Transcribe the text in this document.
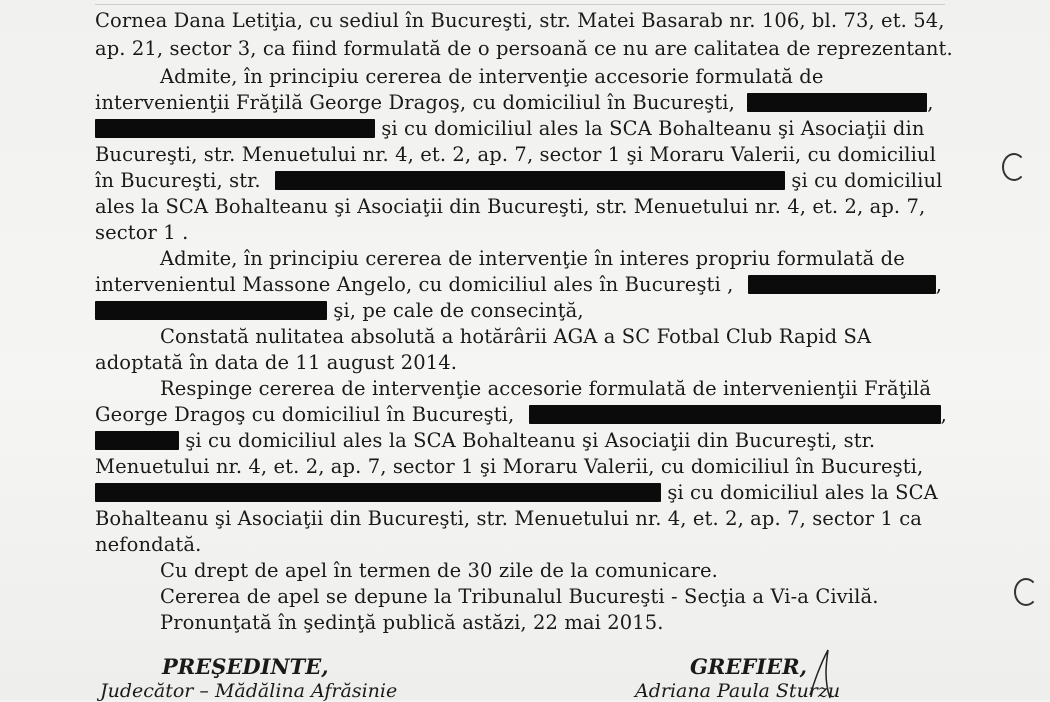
Cornea Dana Letiţia, cu sediul în Bucureşti, str. Matei Basarab nr. 106, bl. 73, et. 54,
ap. 21, sector 3, ca fiind formulată de o persoană ce nu are calitatea de reprezentant.
Admite, în principiu cererea de intervenţie accesorie formulată de
intervenienţii Frăţilă George Dragoş, cu domiciliul în Bucureşti,	,
şi cu domiciliul ales la SCA Bohalteanu şi Asociaţii din
Bucureşti, str. Menuetului nr. 4, et. 2, ap. 7, sector 1 şi Moraru Valerii, cu domiciliul
în Bucureşti, str.	şi cu domiciliul
ales la SCA Bohalteanu şi Asociaţii din Bucureşti, str. Menuetului nr. 4, et. 2, ap. 7,
sector 1 .
Admite, în principiu cererea de intervenţie în interes propriu formulată de
intervenientul Massone Angelo, cu domiciliul ales în Bucureşti ,	,
şi, pe cale de consecinţă,
Constată nulitatea absolută a hotărârii AGA a SC Fotbal Club Rapid SA
adoptată în data de 11 august 2014.
Respinge cererea de intervenţie accesorie formulată de intervenienţii Frăţilă
George Dragoş cu domiciliul în Bucureşti,	,
şi cu domiciliul ales la SCA Bohalteanu şi Asociaţii din Bucureşti, str.
Menuetului nr. 4, et. 2, ap. 7, sector 1 şi Moraru Valerii, cu domiciliul în Bucureşti,
şi cu domiciliul ales la SCA
Bohalteanu şi Asociaţii din Bucureşti, str. Menuetului nr. 4, et. 2, ap. 7, sector 1 ca
nefondată.
Cu drept de apel în termen de 30 zile de la comunicare.
Cererea de apel se depune la Tribunalul Bucureşti - Secţia a Vi-a Civilă.
Pronunţată în şedinţă publică astăzi, 22 mai 2015.
PREŞEDINTE,
Judecător – Mădălina Afrăsinie
GREFIER,
Adriana Paula Sturzu
